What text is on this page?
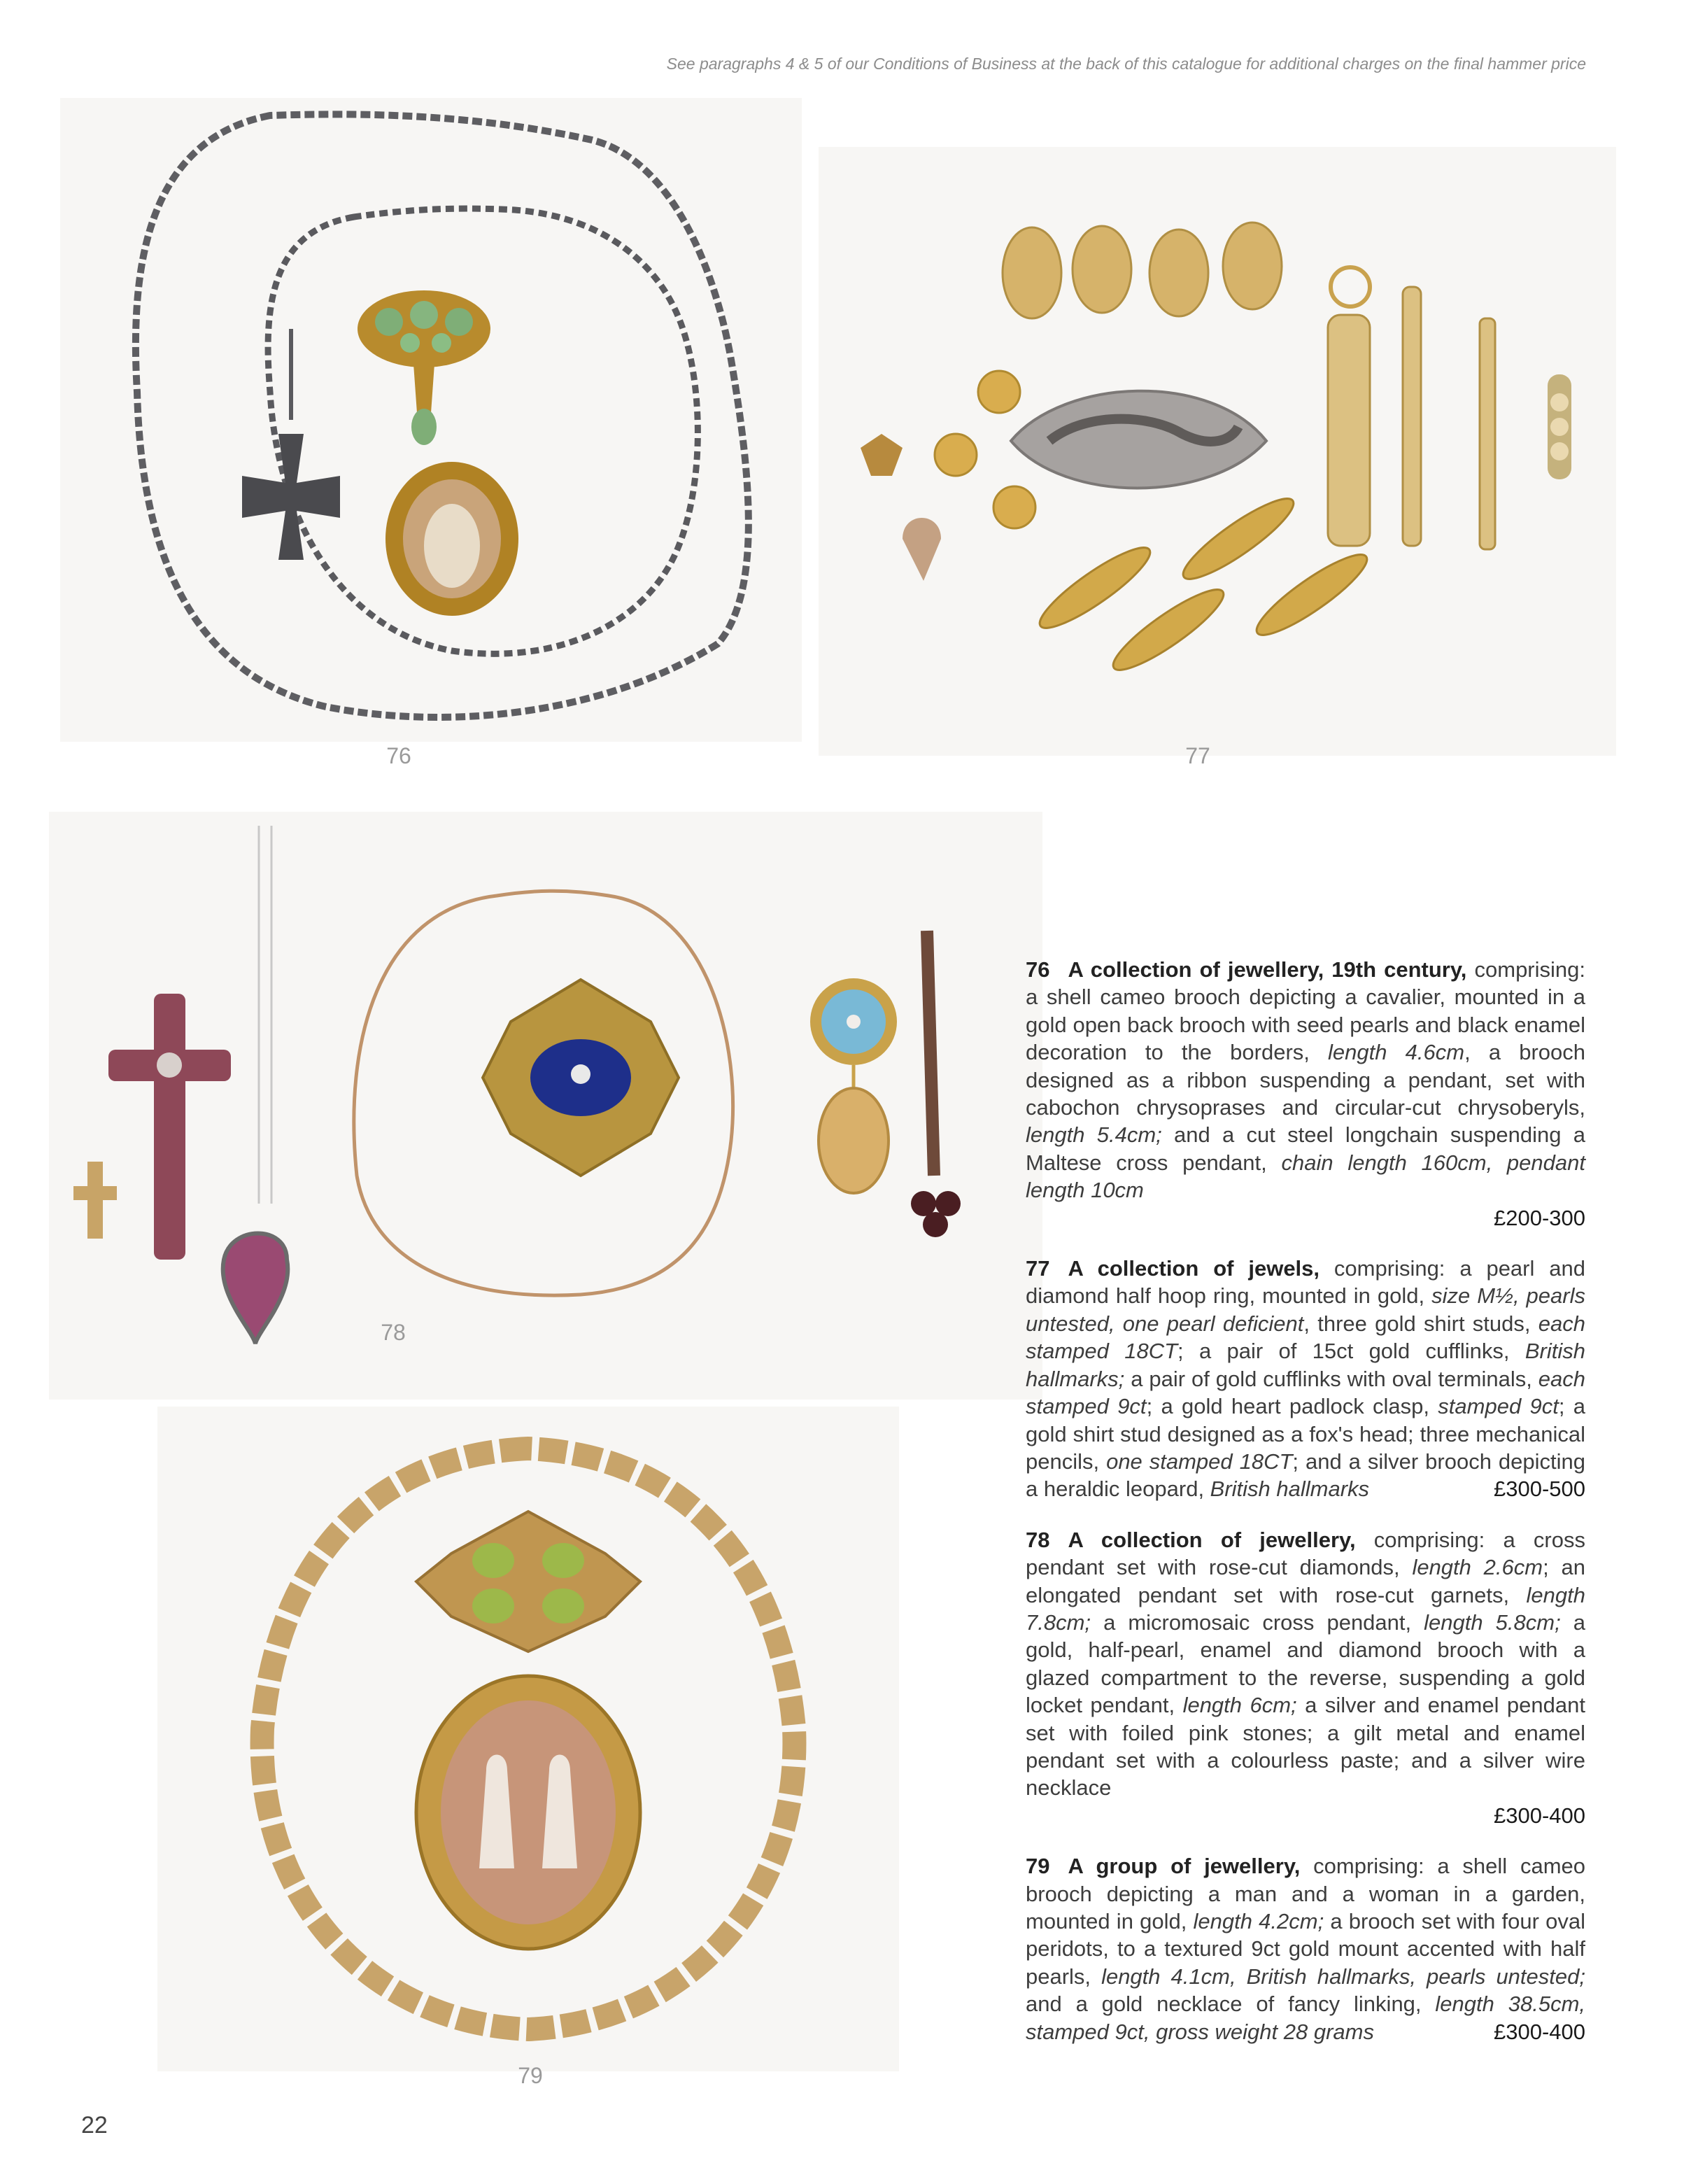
See paragraphs 4 & 5 of our Conditions of Business at the back of this catalogue for additional charges on the final hammer price
76	77
78
79
76 A collection of jewellery, 19th century, comprising: a shell cameo brooch depicting a cavalier, mounted in a gold open back brooch with seed pearls and black enamel decoration to the borders, length 4.6cm, a brooch designed as a ribbon suspending a pendant, set with cabochon chrysoprases and circular-cut chrysoberyls, length 5.4cm; and a cut steel longchain suspending a Maltese cross pendant, chain length 160cm, pendant length 10cm
£200-300
77 A collection of jewels, comprising: a pearl and diamond half hoop ring, mounted in gold, size M½, pearls untested, one pearl deficient, three gold shirt studs, each stamped 18CT; a pair of 15ct gold cufflinks, British hallmarks; a pair of gold cufflinks with oval terminals, each stamped 9ct; a gold heart padlock clasp, stamped 9ct; a gold shirt stud designed as a fox's head; three mechanical pencils, one stamped 18CT; and a silver brooch depicting a heraldic leopard, British hallmarks	£300-500
78 A collection of jewellery, comprising: a cross pendant set with rose-cut diamonds, length 2.6cm; an elongated pendant set with rose-cut garnets, length 7.8cm; a micromosaic cross pendant, length 5.8cm; a gold, half-pearl, enamel and diamond brooch with a glazed compartment to the reverse, suspending a gold locket pendant, length 6cm; a silver and enamel pendant set with foiled pink stones; a gilt metal and enamel pendant set with a colourless paste; and a silver wire necklace
£300-400
79 A group of jewellery, comprising: a shell cameo brooch depicting a man and a woman in a garden, mounted in gold, length 4.2cm; a brooch set with four oval peridots, to a textured 9ct gold mount accented with half pearls, length 4.1cm, British hallmarks, pearls untested; and a gold necklace of fancy linking, length 38.5cm, stamped 9ct, gross weight 28 grams	£300-400
22
